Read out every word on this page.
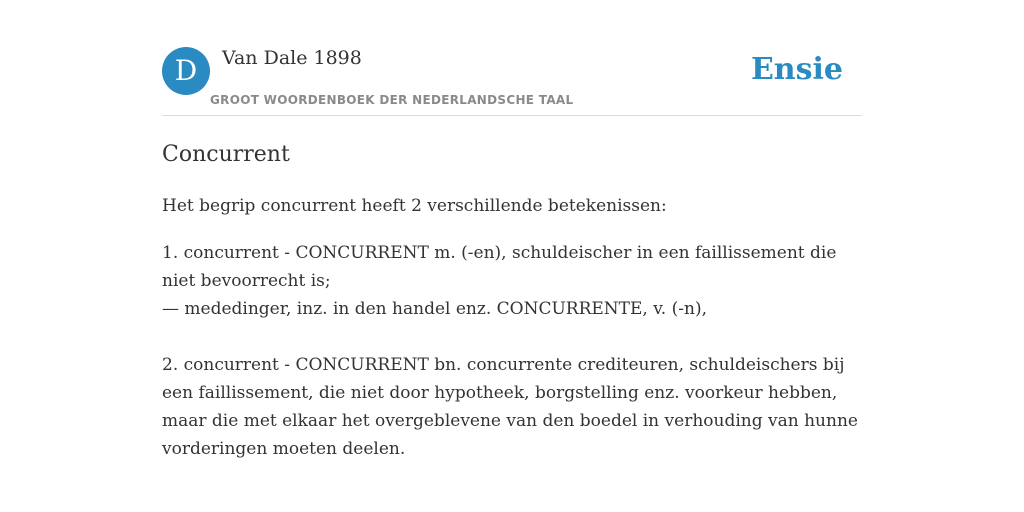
D	Van Dale 1898
GROOT WOORDENBOEK DER NEDERLANDSCHE TAAL
Ensie
Concurrent

Het begrip concurrent heeft 2 verschillende betekenissen:

1. concurrent - CONCURRENT m. (-en), schuldeischer in een faillissement die niet bevoorrecht is;
— mededinger, inz. in den handel enz. CONCURRENTE, v. (-n),

2. concurrent - CONCURRENT bn. concurrente crediteuren, schuldeischers bij een faillissement, die niet door hypotheek, borgstelling enz. voorkeur hebben, maar die met elkaar het overgeblevene van den boedel in verhouding van hunne vorderingen moeten deelen.
